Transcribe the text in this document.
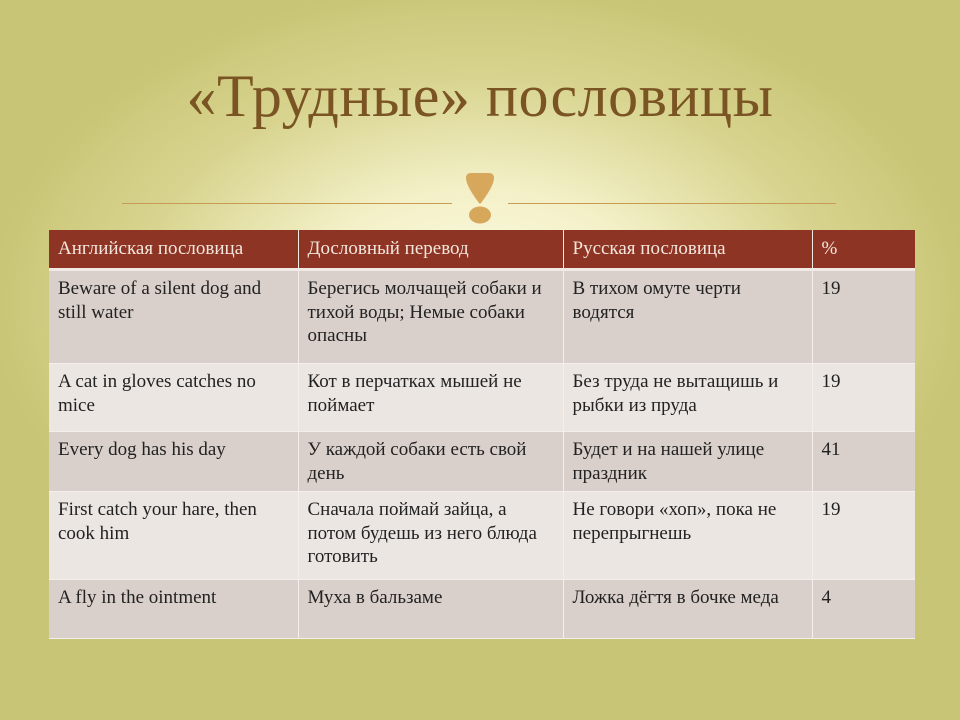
«Трудные» пословицы
Английская пословица	Дословный перевод	Русская пословица	%
Beware of a silent dog and still water	Берегись молчащей собаки и тихой воды; Немые собаки опасны	В тихом омуте черти водятся	19
A cat in gloves catches no mice	Кот в перчатках мышей не поймает	Без труда не вытащишь и рыбки из пруда	19
Every dog has his day	У каждой собаки есть свой день	Будет и на нашей улице праздник	41
First catch your hare, then cook him	Сначала поймай зайца, а потом будешь из него блюда готовить	Не говори «хоп», пока не перепрыгнешь	19
A fly in the ointment	Муха в бальзаме	Ложка дёгтя в бочке меда	4
